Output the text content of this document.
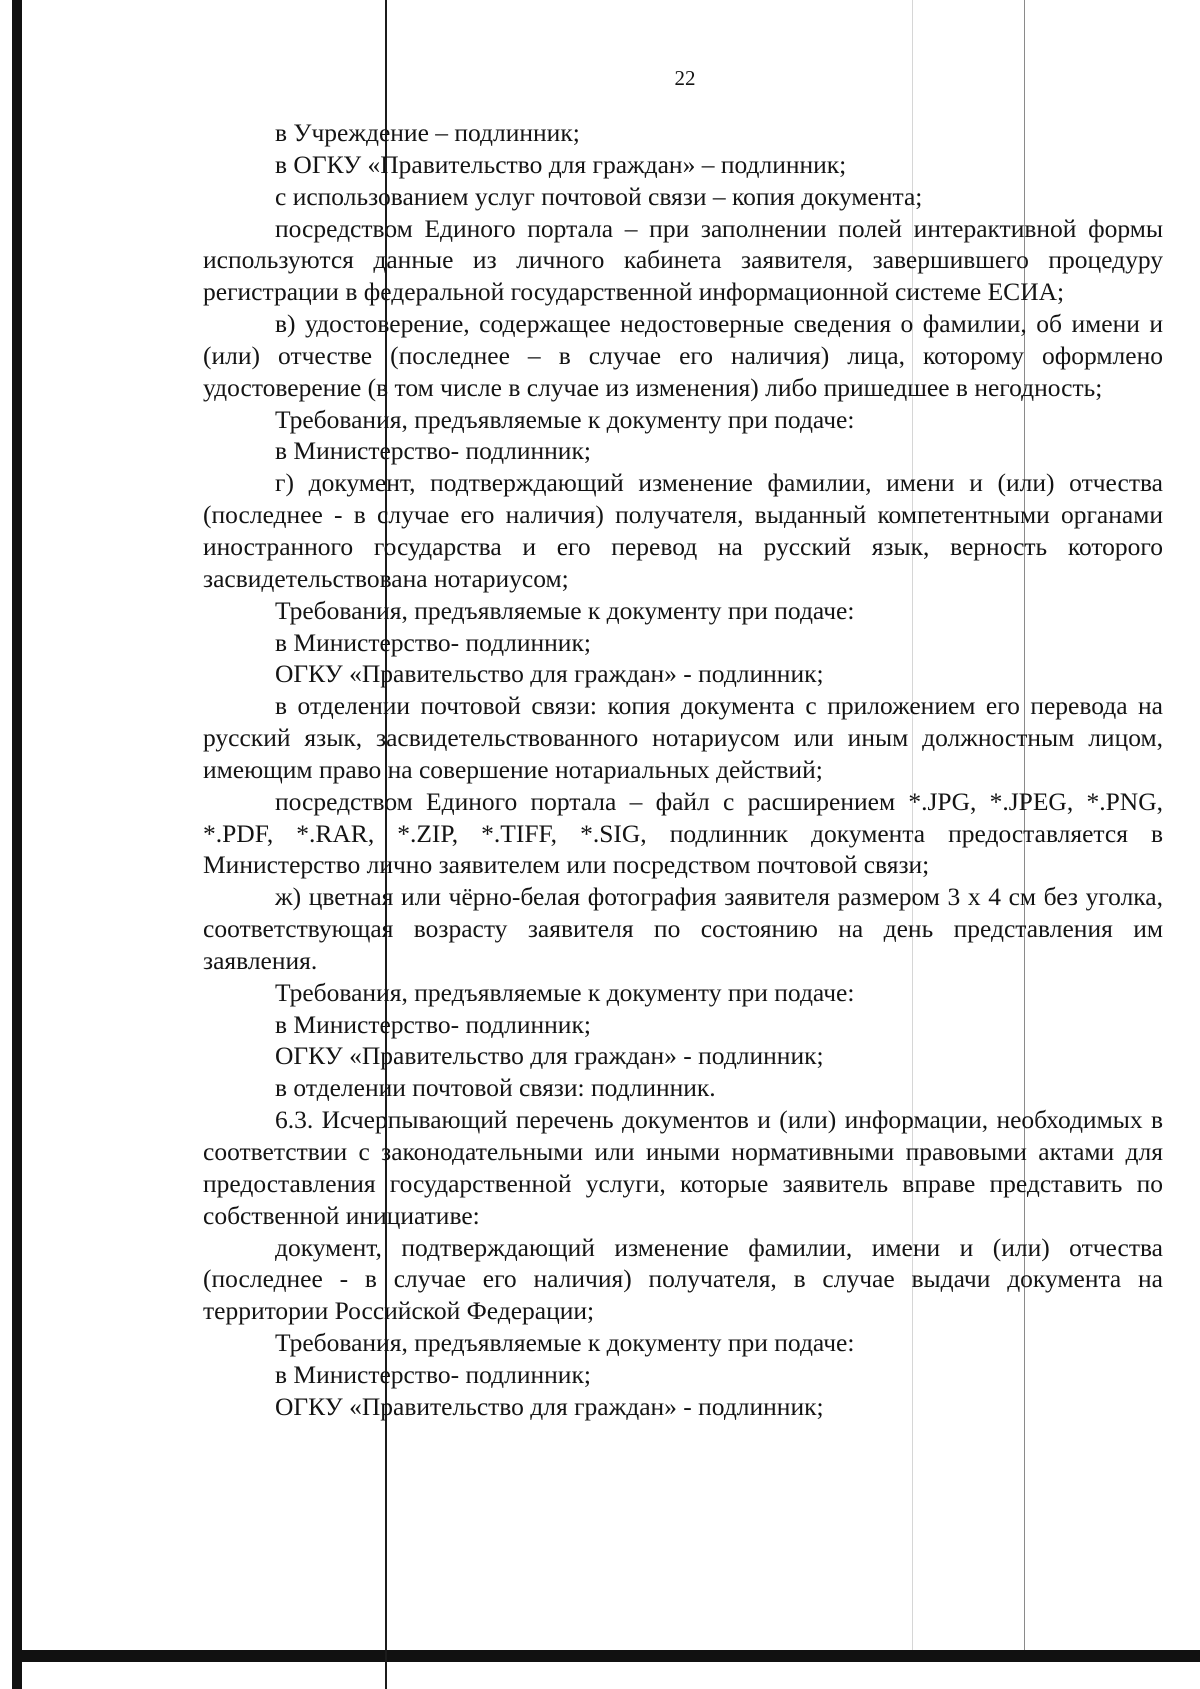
22

в Учреждение – подлинник;

в ОГКУ «Правительство для граждан» – подлинник;

с использованием услуг почтовой связи – копия документа;

посредством Единого портала – при заполнении полей интерактивной формы используются данные из личного кабинета заявителя, завершившего процедуру регистрации в федеральной государственной информационной системе ЕСИА;

в) удостоверение, содержащее недостоверные сведения о фамилии, об имени и (или) отчестве (последнее – в случае его наличия) лица, которому оформлено удостоверение (в том числе в случае из изменения) либо пришедшее в негодность;

Требования, предъявляемые к документу при подаче:

в Министерство- подлинник;

г) документ, подтверждающий изменение фамилии, имени и (или) отчества (последнее - в случае его наличия) получателя, выданный компетентными органами иностранного государства и его перевод на русский язык, верность которого засвидетельствована нотариусом;

Требования, предъявляемые к документу при подаче:

в Министерство- подлинник;

ОГКУ «Правительство для граждан» - подлинник;

в отделении почтовой связи: копия документа с приложением его перевода на русский язык, засвидетельствованного нотариусом или иным должностным лицом, имеющим право на совершение нотариальных действий;

посредством Единого портала – файл с расширением *.JPG, *.JPEG, *.PNG, *.PDF, *.RAR, *.ZIP, *.TIFF, *.SIG, подлинник документа предоставляется в Министерство лично заявителем или посредством почтовой связи;

ж) цветная или чёрно-белая фотография заявителя размером 3 х 4 см без уголка, соответствующая возрасту заявителя по состоянию на день представления им заявления.

Требования, предъявляемые к документу при подаче:

в Министерство- подлинник;

ОГКУ «Правительство для граждан» - подлинник;

в отделении почтовой связи: подлинник.

6.3. Исчерпывающий перечень документов и (или) информации, необходимых в соответствии с законодательными или иными нормативными правовыми актами для предоставления государственной услуги, которые заявитель вправе представить по собственной инициативе:

документ, подтверждающий изменение фамилии, имени и (или) отчества (последнее - в случае его наличия) получателя, в случае выдачи документа на территории Российской Федерации;

Требования, предъявляемые к документу при подаче:

в Министерство- подлинник;

ОГКУ «Правительство для граждан» - подлинник;
